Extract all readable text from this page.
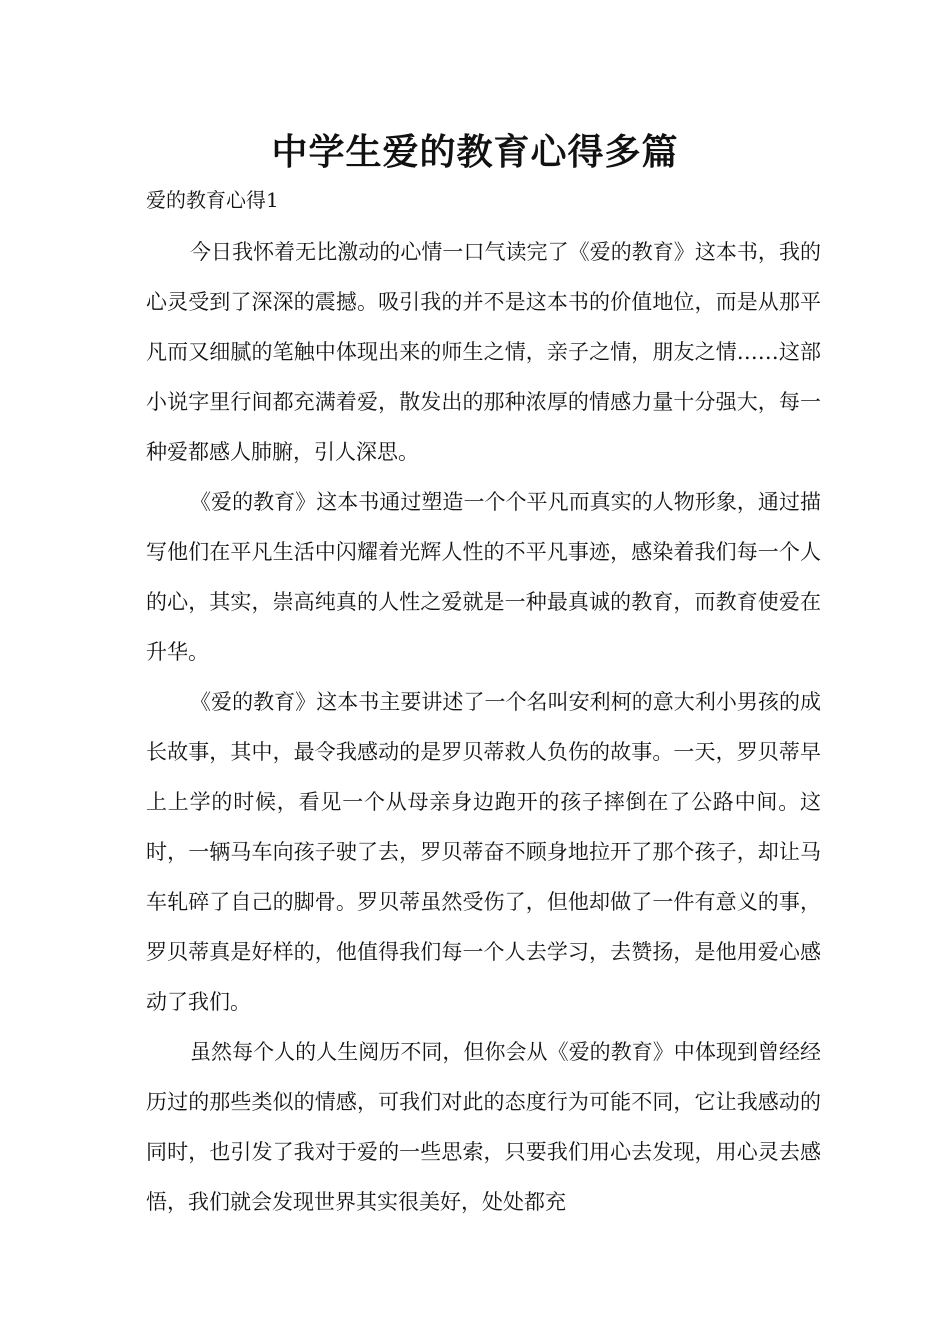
中学生爱的教育心得多篇
爱的教育心得1

今日我怀着无比激动的心情一口气读完了《爱的教育》这本书，我的心灵受到了深深的震撼。吸引我的并不是这本书的价值地位，而是从那平凡而又细腻的笔触中体现出来的师生之情，亲子之情，朋友之情……这部小说字里行间都充满着爱，散发出的那种浓厚的情感力量十分强大，每一种爱都感人肺腑，引人深思。

《爱的教育》这本书通过塑造一个个平凡而真实的人物形象，通过描写他们在平凡生活中闪耀着光辉人性的不平凡事迹，感染着我们每一个人的心，其实，崇高纯真的人性之爱就是一种最真诚的教育，而教育使爱在升华。

《爱的教育》这本书主要讲述了一个名叫安利柯的意大利小男孩的成长故事，其中，最令我感动的是罗贝蒂救人负伤的故事。一天，罗贝蒂早上上学的时候，看见一个从母亲身边跑开的孩子摔倒在了公路中间。这时，一辆马车向孩子驶了去，罗贝蒂奋不顾身地拉开了那个孩子，却让马车轧碎了自己的脚骨。罗贝蒂虽然受伤了，但他却做了一件有意义的事，罗贝蒂真是好样的，他值得我们每一个人去学习，去赞扬，是他用爱心感动了我们。

虽然每个人的人生阅历不同，但你会从《爱的教育》中体现到曾经经历过的那些类似的情感，可我们对此的态度行为可能不同，它让我感动的同时，也引发了我对于爱的一些思索，只要我们用心去发现，用心灵去感悟，我们就会发现世界其实很美好，处处都充
